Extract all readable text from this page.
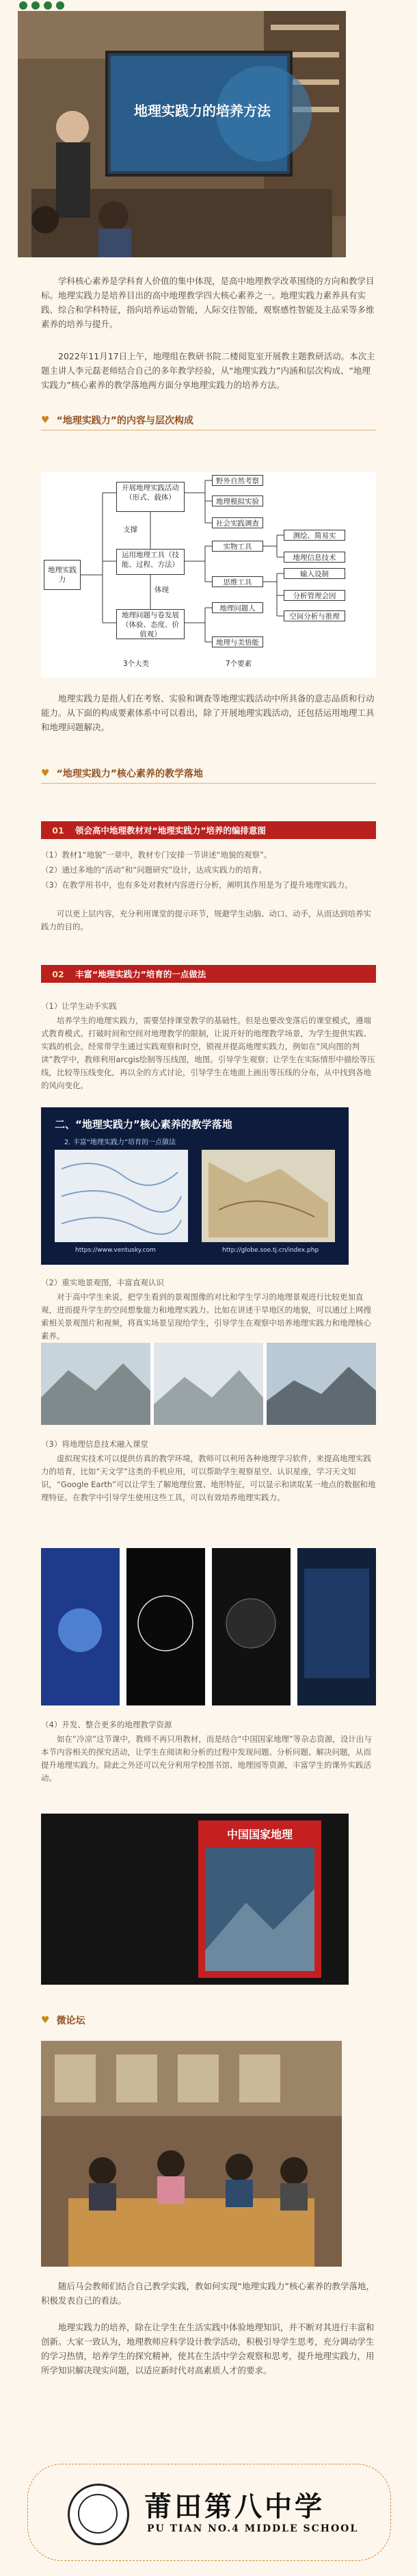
地理实践力的培养方法
学科核心素养是学科育人价值的集中体现，是高中地理教学改革围绕的方向和教学目标。地理实践力是培养目出的高中地理教学四大核心素养之一。地理实践力素养具有实践、综合和学科特征，指向培养运动智能，人际交往智能，观察感性智能及主品采等多维素养的培养与提升。
2022年11月17日上午，地理组在教研书院二楼阅览室开展教主题教研活动。本次主题主讲人李元磊老师结合自己的多年教学经验，从“地理实践力”内涵和层次构成、“地理实践力”核心素养的教学落地两方面分享地理实践力的培养方法。
♥ “地理实践力”的内容与层次构成
地理实践力
开展地理实践活动（形式、载体）
运用地理工具（技能、过程、方法）
地理问题与卷发展（体验、态度、价值观）
支撑
体现
野外自然考察
地理模拟实验
社会实践调查
实物工具
思维工具
地理问题人
地理与美悟能
测绘、简易实
地理信息技术
输入设制
分析管理会因
空间分析与推理
3个大类	7个要素
地理实践力是指人们在考察、实验和调查等地理实践活动中所具备的意志品质和行动能力。从下面的构成要素体系中可以看出，除了开展地理实践活动，还包括运用地理工具和地理问题解决。
♥ “地理实践力”核心素养的教学落地
01	领会高中地理教材对“地理实践力”培养的编排意图
（1）教材1“地貌”一章中，教材专门安排一节讲述“地貌的观察”。
（2）通过多地的“活动”和“问题研究”设计，达成实践力的培育。
（3）在教学用书中，也有多处对教材内容进行分析，阐明其作用是为了提升地理实践力。
可以更上层内容，充分利用课堂的提示环节，规避学生动脑、动口、动手，从而达到培养实践力的目的。
02	丰富“地理实践力”培育的一点做法
（1）让学生动手实践
培养学生的地理实践力，需要坚持课堂教学的基础性。但是也要改变落后的课堂模式，遵端式教育模式。打破时间和空间对地理教学的限制，让说开好的地理教学场景，为学生提供实践、实践的机会。经常带学生通过实践观察和时空，锁视并提高地理实践力，例如在“风向图的判读”教学中，教师利用arcgis绘制等压线图，地图。引导学生观察；让学生在实际情形中描绘等压线，比较等压线变化，再以全的方式讨论，引导学生在地面上画出等压线的分布，从中找到各地的风向变化。
二、“地理实践力”核心素养的教学落地
2. 丰富“地理实践力”培育的一点做法
https://www.ventusky.com	http://globe.soe.tj.cn/index.php
（2）重实地景观图，丰富直观认识
对于高中学生来说，把学生看到的景观图像的对比和学生学习的地理景观进行比较更加直观，进而提升学生的空间想象能力和地理实践力。比如在讲述干旱地区的地貌，可以通过上网搜索相关景观图片和视频，将真实场景呈现给学生，引导学生在观察中培养地理实践力和地理核心素养。
（3）将地理信息技术融入课堂
虚拟现实技术可以提供仿真的教学环境，教师可以利用各种地理学习软件，来提高地理实践力的培育，比如“天文学”这类的手机应用，可以帮助学生观察星空、认识星座，学习天文知识，“Google Earth”可以让学生了解地理位置、地形特征，可以显示和读取某一地点的数据和地理特征。在教学中引导学生使用这些工具，可以有效培养地理实践力。
（4）开发、整合更多的地理教学资源
如在“冷凉”这节课中，教师不再只用教材，而是结合“中国国家地理”等杂志资源，设计出与本节内容相关的探究活动，让学生在阅读和分析的过程中发现问题、分析问题、解决问题，从而提升地理实践力。除此之外还可以充分利用学校图书馆、地理园等资源，丰富学生的课外实践活动。
中国国家地理
♥ 微论坛
随后马会教师们结合自己教学实践，教如何实现“地理实践力”核心素养的教学落地，积极发表自己的看法。
地理实践力的培养，除在让学生在生活实践中体验地理知识，并不断对其进行丰富和创新。大家一致认为，地理教师应科学设计教学活动，积极引导学生思考，充分调动学生的学习热情，培养学生的探究精神，使其在生活中学会观察和思考，提升地理实践力，用所学知识解决现实问题，以适应新时代对高素质人才的要求。
莆田第八中学
PU TIAN NO.4 MIDDLE SCHOOL
